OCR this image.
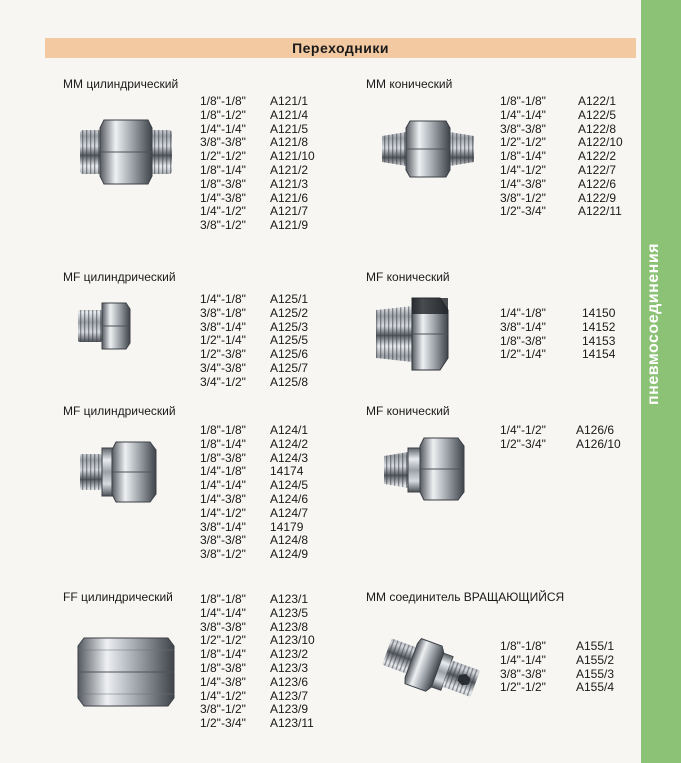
Переходники
пневмосоединения
ММ цилиндрический
1/8"-1/8"	A121/1
1/8"-1/2"	A121/4
1/4"-1/4"	A121/5
3/8"-3/8"	A121/8
1/2"-1/2"	A121/10
1/8"-1/4"	A121/2
1/8"-3/8"	A121/3
1/4"-3/8"	A121/6
1/4"-1/2"	A121/7
3/8"-1/2"	A121/9
ММ конический
1/8"-1/8"	A122/1
1/4"-1/4"	A122/5
3/8"-3/8"	A122/8
1/2"-1/2"	A122/10
1/8"-1/4"	A122/2
1/4"-1/2"	A122/7
1/4"-3/8"	A122/6
3/8"-1/2"	A122/9
1/2"-3/4"	A122/11
MF цилиндрический
1/4"-1/8"	A125/1
3/8"-1/8"	A125/2
3/8"-1/4"	A125/3
1/2"-1/4"	A125/5
1/2"-3/8"	A125/6
3/4"-3/8"	A125/7
3/4"-1/2"	A125/8
MF конический
1/4"-1/8"	14150
3/8"-1/4"	14152
1/8"-3/8"	14153
1/2"-1/4"	14154
MF цилиндрический
1/8"-1/8"	A124/1
1/8"-1/4"	A124/2
1/8"-3/8"	A124/3
1/4"-1/8"	14174
1/4"-1/4"	A124/5
1/4"-3/8"	A124/6
1/4"-1/2"	A124/7
3/8"-1/4"	14179
3/8"-3/8"	A124/8
3/8"-1/2"	A124/9
MF конический
1/4"-1/2"	A126/6
1/2"-3/4"	A126/10
FF цилиндрический 1/8"-1/8"	A123/1
1/4"-1/4"	A123/5
3/8"-3/8"	A123/8
1/2"-1/2"	A123/10
1/8"-1/4"	A123/2
1/8"-3/8"	A123/3
1/4"-3/8"	A123/6
1/4"-1/2"	A123/7
3/8"-1/2"	A123/9
1/2"-3/4"	A123/11
ММ соединитель ВРАЩАЮЩИЙСЯ
1/8"-1/8"	A155/1
1/4"-1/4"	A155/2
3/8"-3/8"	A155/3
1/2"-1/2"	A155/4
